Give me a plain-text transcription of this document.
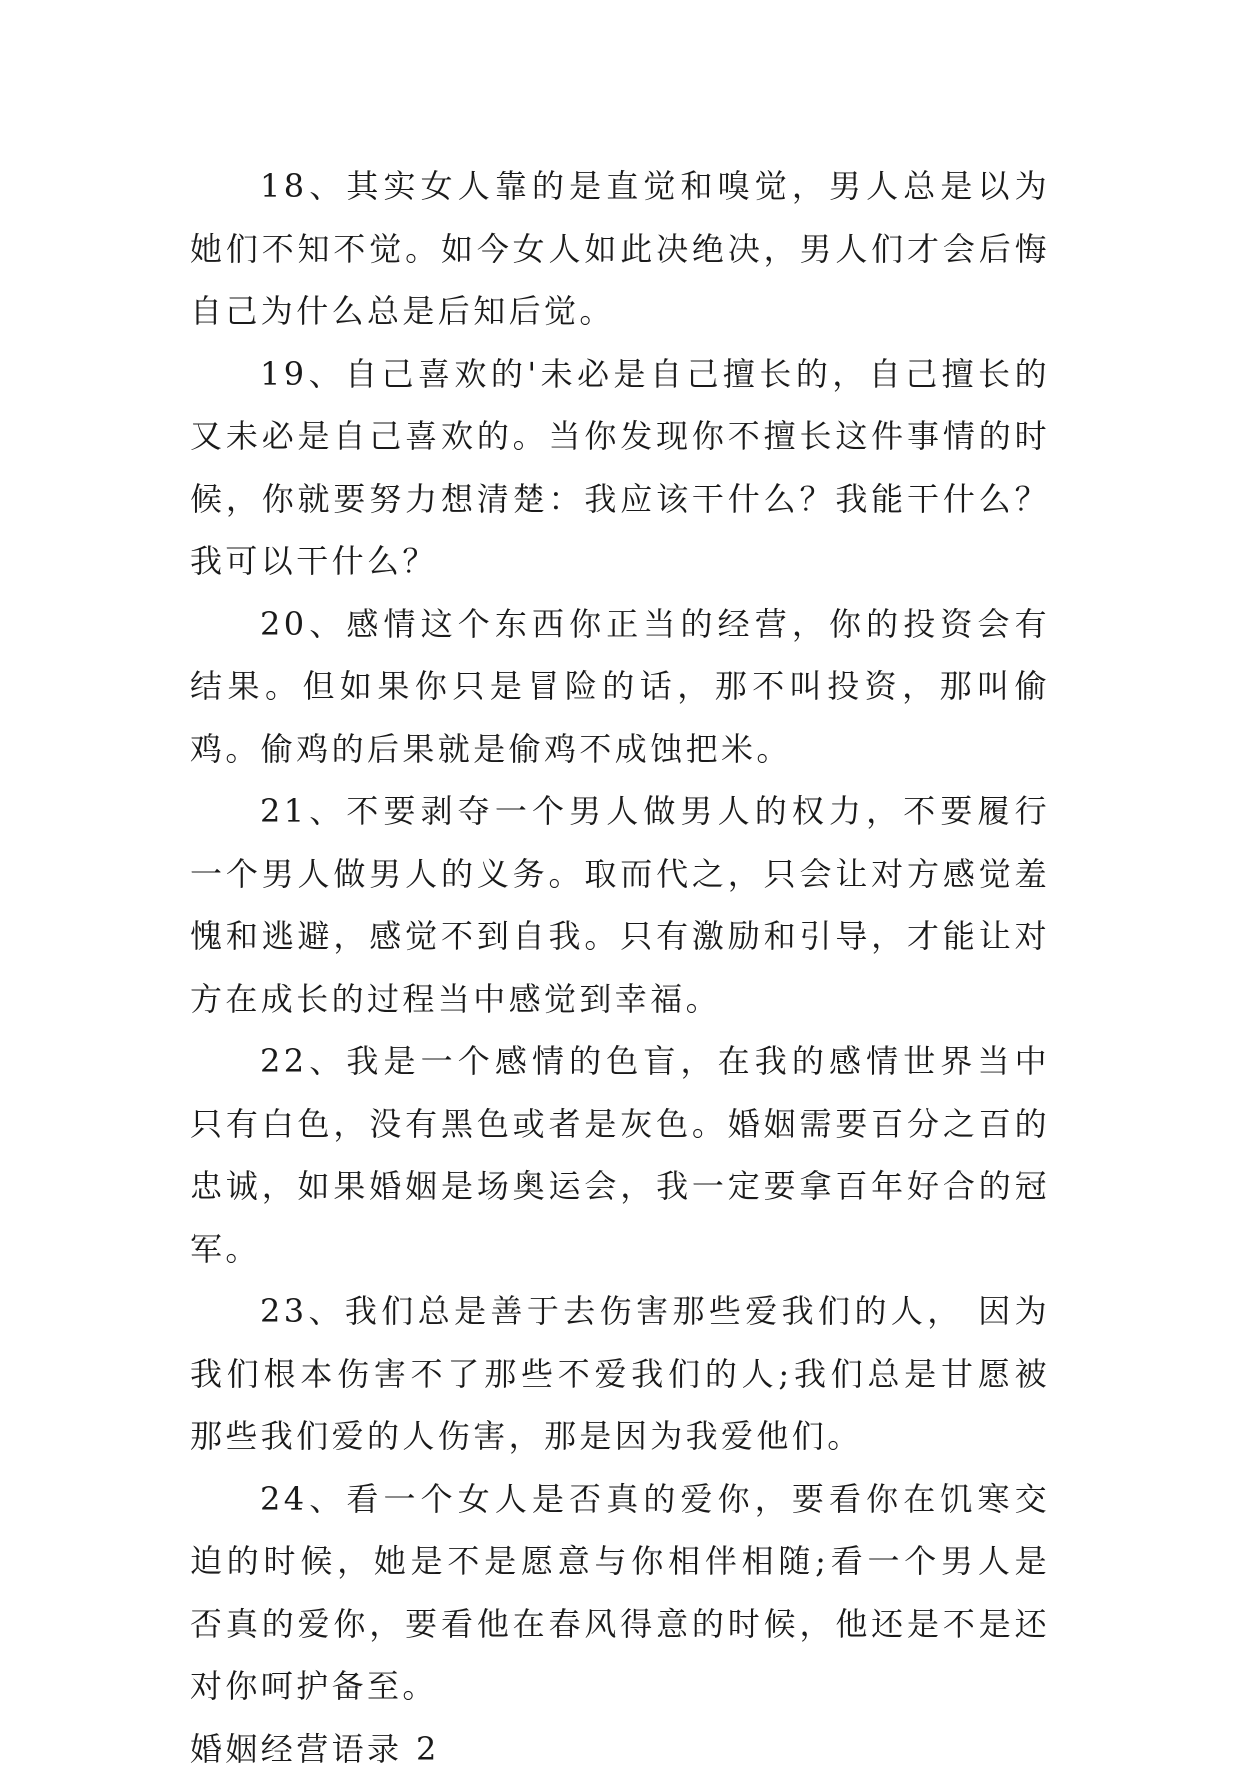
18、其实女人靠的是直觉和嗅觉，男人总是以为她们不知不觉。如今女人如此决绝决，男人们才会后悔自己为什么总是后知后觉。

19、自己喜欢的'未必是自己擅长的，自己擅长的又未必是自己喜欢的。当你发现你不擅长这件事情的时候，你就要努力想清楚：我应该干什么？我能干什么？我可以干什么？

20、感情这个东西你正当的经营，你的投资会有结果。但如果你只是冒险的话，那不叫投资，那叫偷鸡。偷鸡的后果就是偷鸡不成蚀把米。

21、不要剥夺一个男人做男人的权力，不要履行一个男人做男人的义务。取而代之，只会让对方感觉羞愧和逃避，感觉不到自我。只有激励和引导，才能让对方在成长的过程当中感觉到幸福。

22、我是一个感情的色盲，在我的感情世界当中只有白色，没有黑色或者是灰色。婚姻需要百分之百的忠诚，如果婚姻是场奥运会，我一定要拿百年好合的冠军。

23、我们总是善于去伤害那些爱我们的人， 因为我们根本伤害不了那些不爱我们的人;我们总是甘愿被那些我们爱的人伤害，那是因为我爱他们。

24、看一个女人是否真的爱你，要看你在饥寒交迫的时候，她是不是愿意与你相伴相随;看一个男人是否真的爱你，要看他在春风得意的时候，他还是不是还对你呵护备至。

婚姻经营语录 2
